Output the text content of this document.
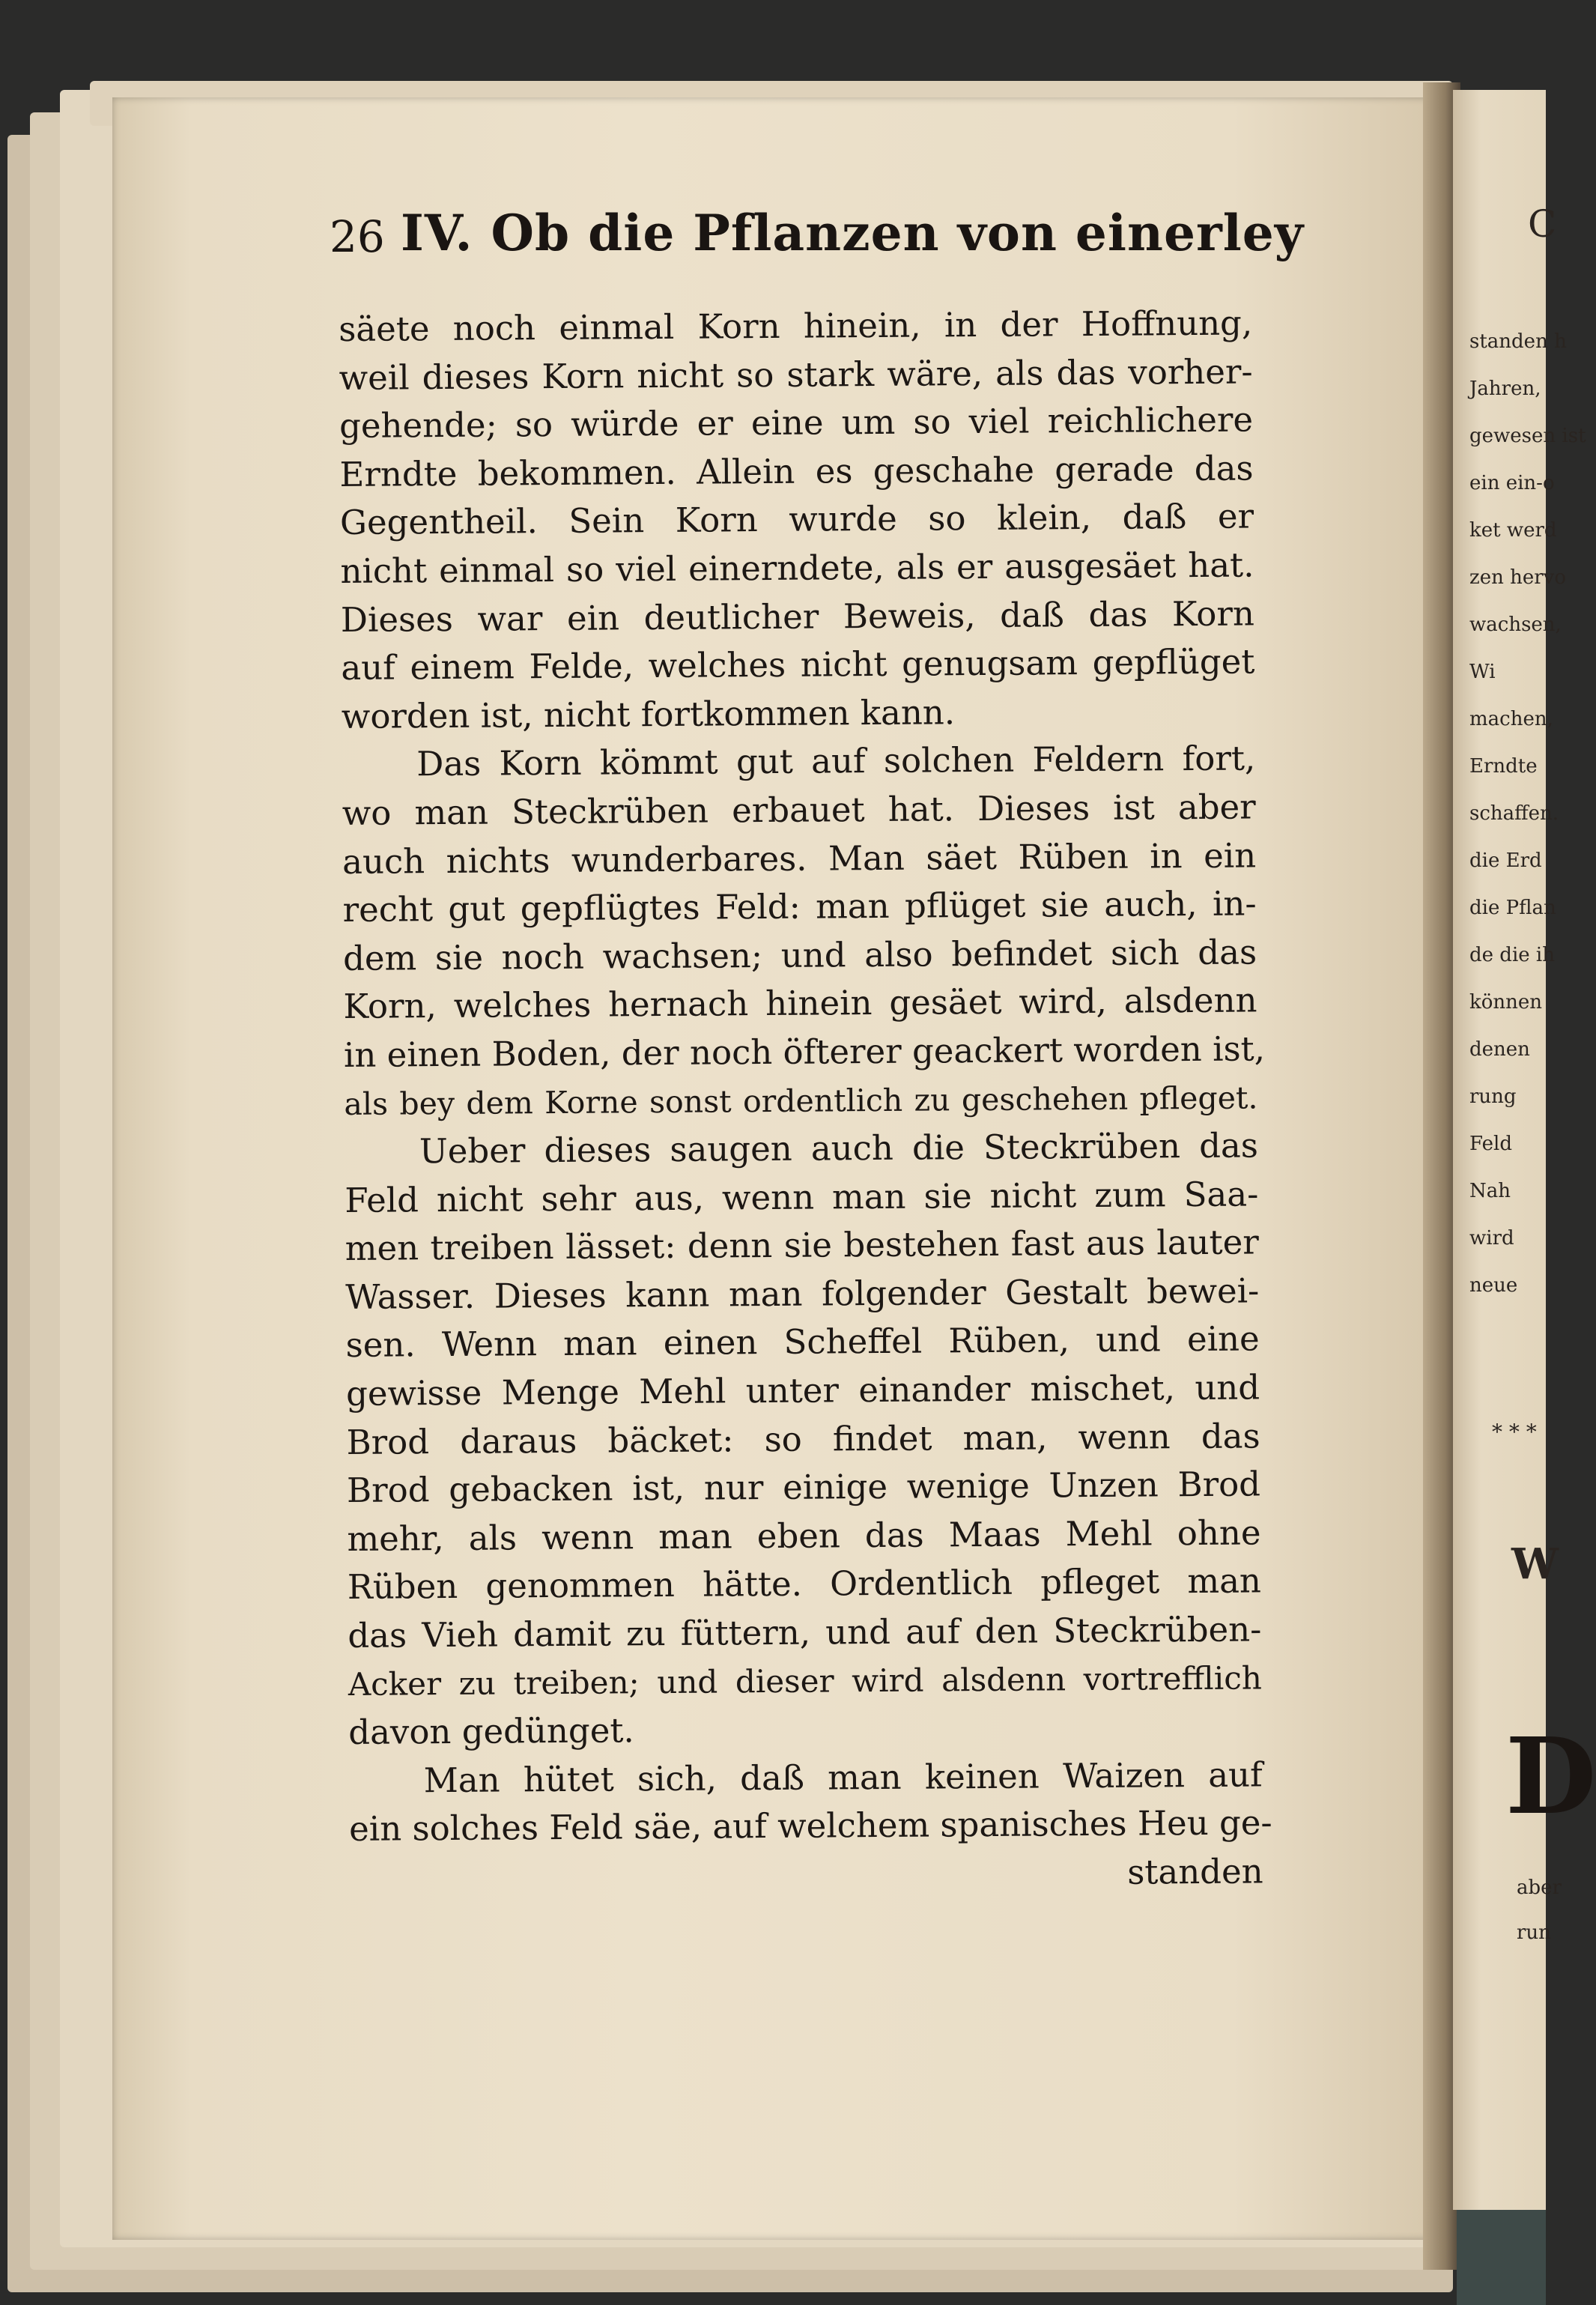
26 IV. Ob die Pflanzen von einerley
säete noch einmal Korn hinein, in der Hoffnung,
weil dieses Korn nicht so stark wäre, als das vorher-
gehende; so würde er eine um so viel reichlichere
Erndte bekommen. Allein es geschahe gerade das
Gegentheil. Sein Korn wurde so klein, daß er
nicht einmal so viel einerndete, als er ausgesäet hat.
Dieses war ein deutlicher Beweis, daß das Korn
auf einem Felde, welches nicht genugsam gepflüget
worden ist, nicht fortkommen kann.
Das Korn kömmt gut auf solchen Feldern fort,
wo man Steckrüben erbauet hat. Dieses ist aber
auch nichts wunderbares. Man säet Rüben in ein
recht gut gepflügtes Feld: man pflüget sie auch, in-
dem sie noch wachsen; und also befindet sich das
Korn, welches hernach hinein gesäet wird, alsdenn
in einen Boden, der noch öfterer geackert worden ist,
als bey dem Korne sonst ordentlich zu geschehen pfleget.
Ueber dieses saugen auch die Steckrüben das
Feld nicht sehr aus, wenn man sie nicht zum Saa-
men treiben lässet: denn sie bestehen fast aus lauter
Wasser. Dieses kann man folgender Gestalt bewei-
sen. Wenn man einen Scheffel Rüben, und eine
gewisse Menge Mehl unter einander mischet, und
Brod daraus bäcket: so findet man, wenn das
Brod gebacken ist, nur einige wenige Unzen Brod
mehr, als wenn man eben das Maas Mehl ohne
Rüben genommen hätte. Ordentlich pfleget man
das Vieh damit zu füttern, und auf den Steckrüben-
Acker zu treiben; und dieser wird alsdenn vortrefflich
davon gedünget.
Man hütet sich, daß man keinen Waizen auf
ein solches Feld säe, auf welchem spanisches Heu ge-
standen
C
standen h
Jahren,
gewesen ist
ein ein-o
ket werd
zen hervo
wachsen,
Wi
machen,
Erndte
schaffen.
die Erd
die Pflan
de die ih
können
denen
rung
Feld
Nah
wird
neue
* * *
W
D
aber
run
